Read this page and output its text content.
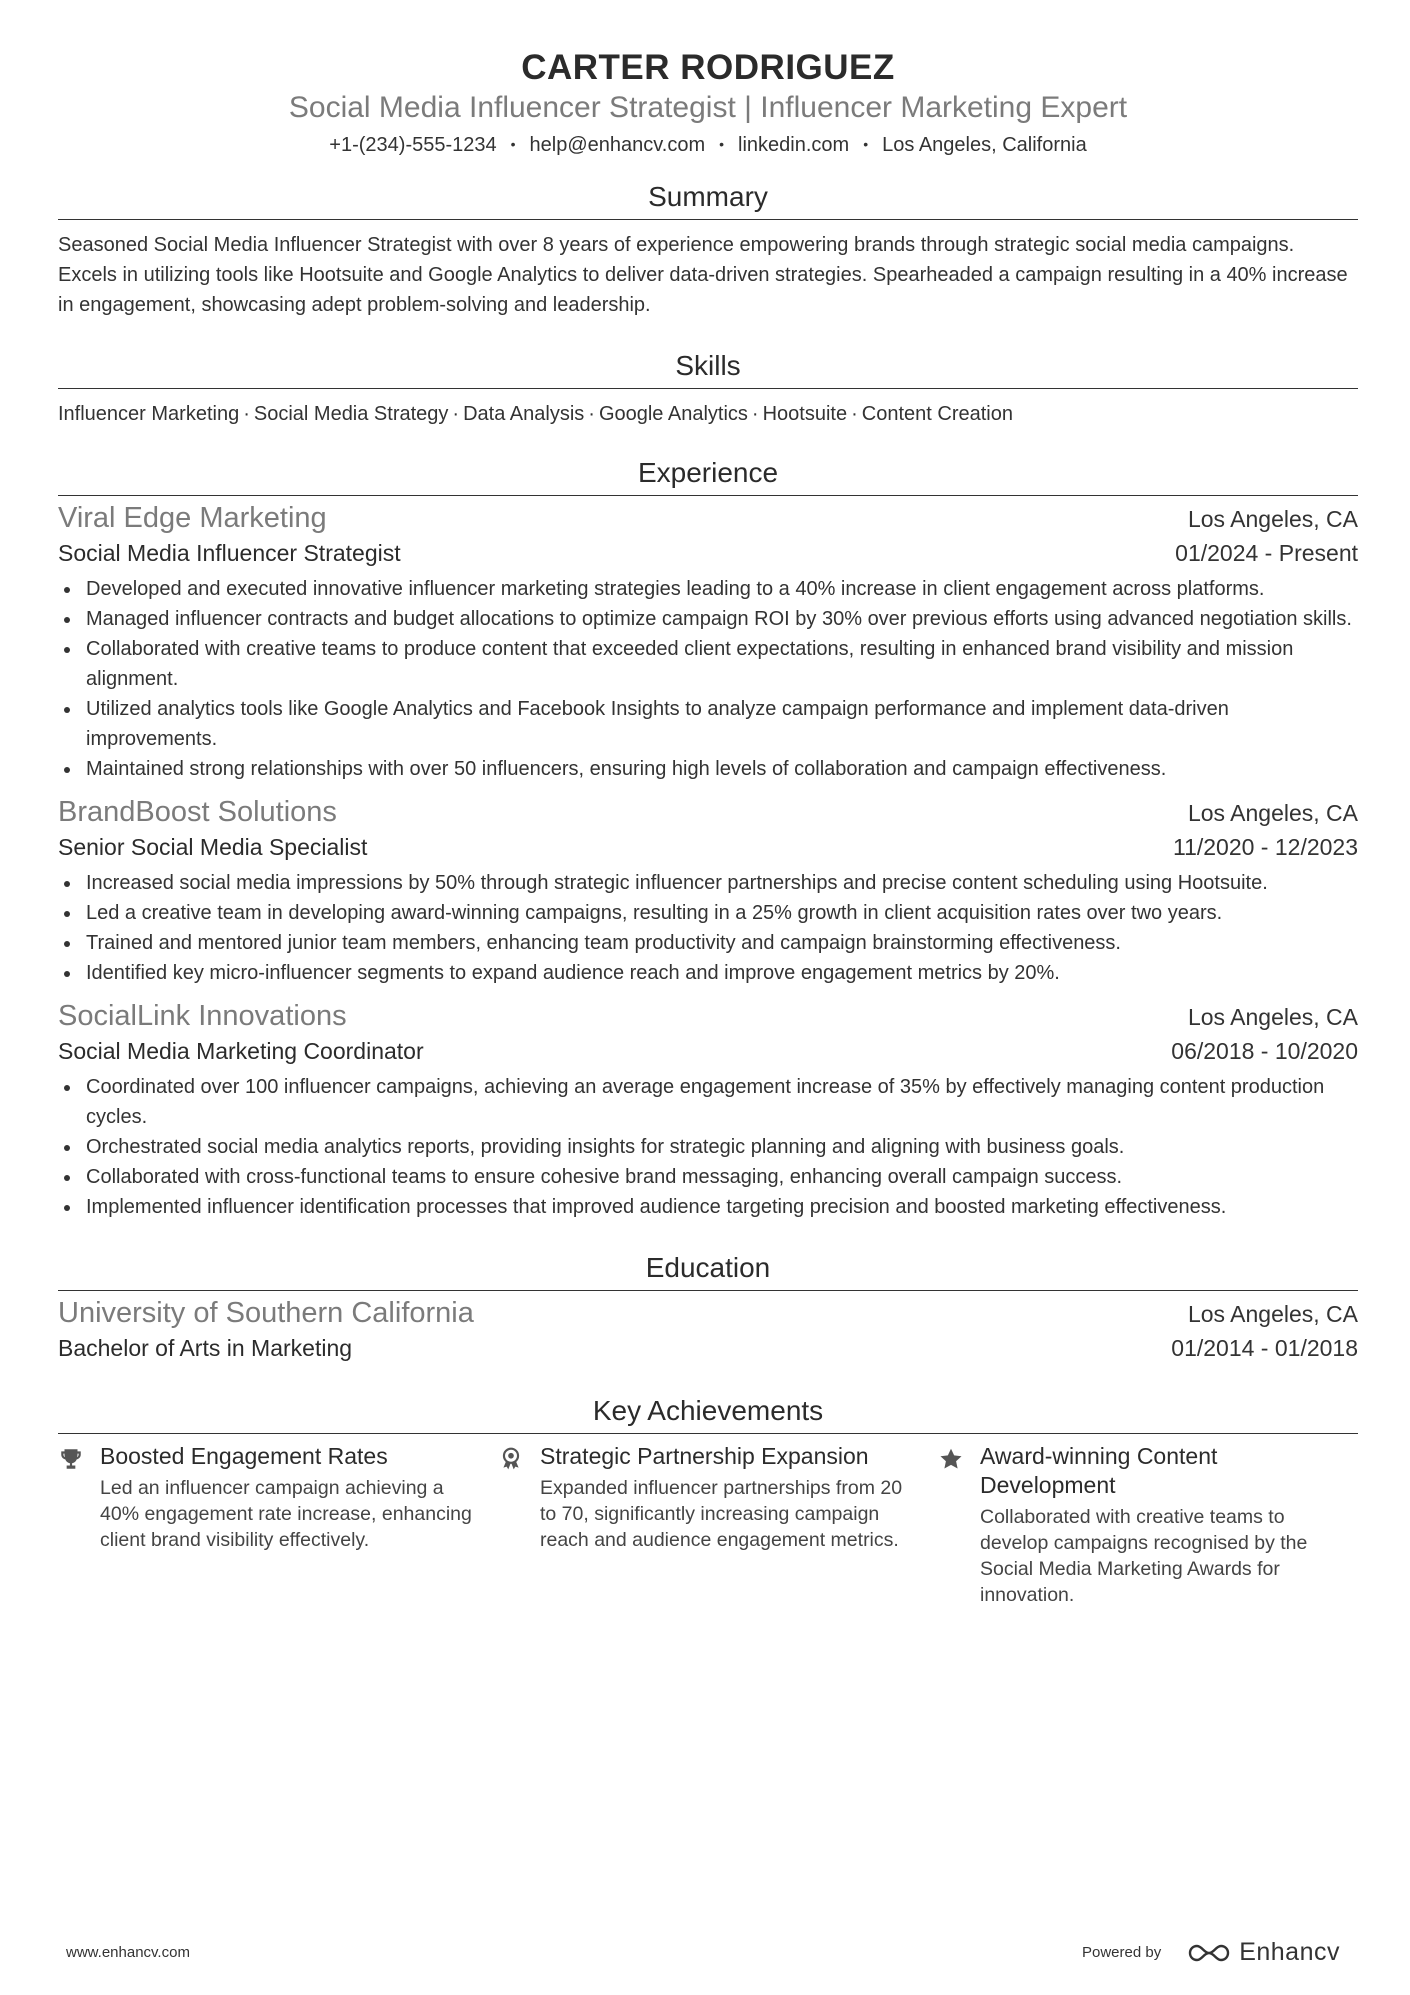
CARTER RODRIGUEZ
Social Media Influencer Strategist | Influencer Marketing Expert
+1-(234)-555-1234 • help@enhancv.com • linkedin.com • Los Angeles, California
Summary
Seasoned Social Media Influencer Strategist with over 8 years of experience empowering brands through strategic social media campaigns. Excels in utilizing tools like Hootsuite and Google Analytics to deliver data-driven strategies. Spearheaded a campaign resulting in a 40% increase in engagement, showcasing adept problem-solving and leadership.
Skills
Influencer Marketing · Social Media Strategy · Data Analysis · Google Analytics · Hootsuite · Content Creation
Experience
Viral Edge Marketing	Los Angeles, CA
Social Media Influencer Strategist	01/2024 - Present
Developed and executed innovative influencer marketing strategies leading to a 40% increase in client engagement across platforms.
Managed influencer contracts and budget allocations to optimize campaign ROI by 30% over previous efforts using advanced negotiation skills.
Collaborated with creative teams to produce content that exceeded client expectations, resulting in enhanced brand visibility and mission alignment.
Utilized analytics tools like Google Analytics and Facebook Insights to analyze campaign performance and implement data-driven improvements.
Maintained strong relationships with over 50 influencers, ensuring high levels of collaboration and campaign effectiveness.
BrandBoost Solutions	Los Angeles, CA
Senior Social Media Specialist	11/2020 - 12/2023
Increased social media impressions by 50% through strategic influencer partnerships and precise content scheduling using Hootsuite.
Led a creative team in developing award-winning campaigns, resulting in a 25% growth in client acquisition rates over two years.
Trained and mentored junior team members, enhancing team productivity and campaign brainstorming effectiveness.
Identified key micro-influencer segments to expand audience reach and improve engagement metrics by 20%.
SocialLink Innovations	Los Angeles, CA
Social Media Marketing Coordinator	06/2018 - 10/2020
Coordinated over 100 influencer campaigns, achieving an average engagement increase of 35% by effectively managing content production cycles.
Orchestrated social media analytics reports, providing insights for strategic planning and aligning with business goals.
Collaborated with cross-functional teams to ensure cohesive brand messaging, enhancing overall campaign success.
Implemented influencer identification processes that improved audience targeting precision and boosted marketing effectiveness.
Education
University of Southern California	Los Angeles, CA
Bachelor of Arts in Marketing	01/2014 - 01/2018
Key Achievements
Boosted Engagement Rates
Led an influencer campaign achieving a 40% engagement rate increase, enhancing client brand visibility effectively.
Strategic Partnership Expansion
Expanded influencer partnerships from 20 to 70, significantly increasing campaign reach and audience engagement metrics.
Award-winning Content Development
Collaborated with creative teams to develop campaigns recognised by the Social Media Marketing Awards for innovation.
www.enhancv.com	Powered by	Enhancv
